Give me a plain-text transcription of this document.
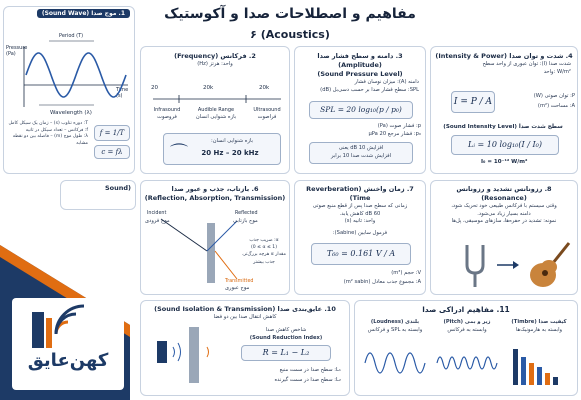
مفاهیم و اصطلاحات صدا و آکوستیک
(Acoustics) ۶
1. موج صدا (Sound Wave)
Pressure (Pa)
Period (T)
Time (s)
Wavelength (λ)
T: دوره تناوب (s) – زمان یک سیکل کامل
f: فرکانس – تعداد سیکل در ثانیه
λ: طول موج (m) – فاصله بین دو نقطه مشابه
f = 1/T
c = fλ
2. فرکانس (Frequency)
واحد: هرتز (Hz)
20	20k	20k
Infrasound	Audible Range	Ultrasound
فروصوت	بازه شنوایی انسان	فراصوت
⌒
بازه شنوایی انسان:
20 Hz – 20 kHz
3. دامنه و سطح فشار صدا (Amplitude)
(Sound Pressure Level)
دامنه (A): میزان نوسان فشار
SPL: سطح فشار صدا بر حسب دسی‌بل (dB)
SPL = 20 log₁₀(p / p₀)
p: فشار صوت (Pa)
p₀: فشار مرجع 20 μPa
افزایش 10 dB یعنی
افزایش شدت صدا 10 برابر
4. شدت و توان صدا (Intensity & Power)
شدت صدا (I): توان عبوری از واحد سطح
واحد: W/m²
I = P / A
P: توان صوتی (W)
A: مساحت (m²)
سطح شدت صدا (Sound Intensity Level)
Lᵢ = 10 log₁₀(I / I₀)
I₀ = 10⁻¹² W/m²
Sound)	6. بازتاب، جذب و عبور صدا
(Reflection, Absorption, Transmission)
Incident
موج فرودی
Reflected
موج بازتابی
Transmitted
موج عبوری
α: ضریب جذب
(0 ≤ α ≤ 1)
مقدار α هرچه بزرگ‌تر، جذب بیشتر
7. زمان واخنش (Reverberation Time)
زمانی که سطح صدا پس از قطع منبع صوتی
60 dB کاهش یابد.
واحد: ثانیه (s)
فرمول سابین (Sabine):
T₆₀ = 0.161 V / A
V: حجم (m³)
A: مجموع جذب معادل (m² sabin)
8. رزونانس تشدید و رزونانس
(Resonance)
وقتی سیستم با فرکانس طبیعی خود تحریک شود،
دامنه بسیار زیاد می‌شود.
نمونه: تشدید در حفره‌ها، سازهای موسیقی، پل‌ها
کهن‌عایق
10. عایق‌بندی صدا (Sound Isolation & Transmission)
کاهش انتقال صدا بین دو فضا
شاخص کاهش صدا
(Sound Reduction Index)
R = L₁ − L₂
L₁: سطح صدا در سمت منبع
L₂: سطح صدا در سمت گیرنده
11. مفاهیم ادراکی صدا
بلندی (Loudness)
وابسته به SPL و فرکانس
زیر و بمی (Pitch)
وابسته به فرکانس
کیفیت صدا (Timbre)
وابسته به هارمونیک‌ها
